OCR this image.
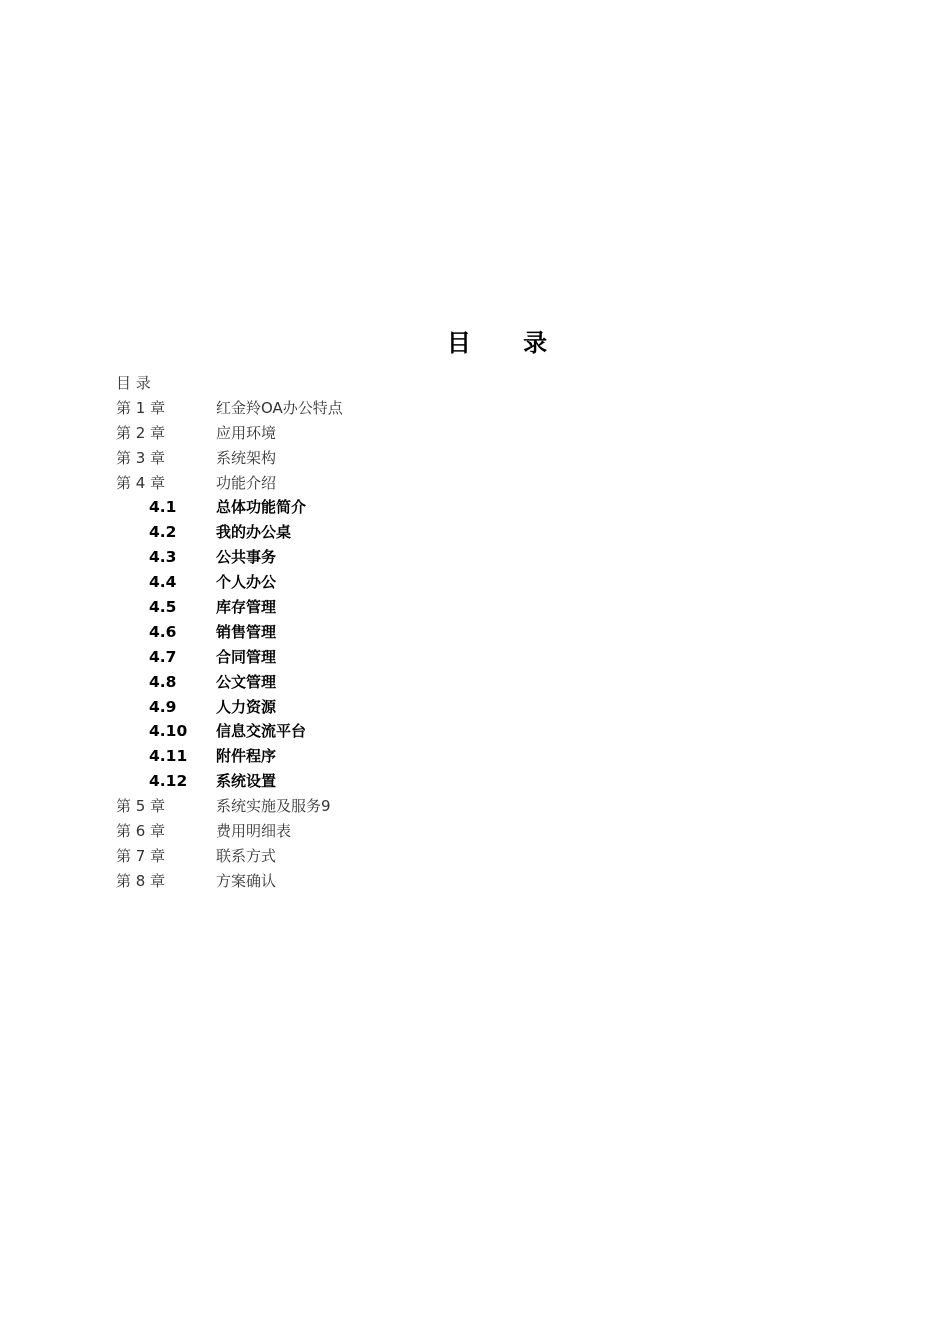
目 录
目 录
第 1 章	红金羚OA办公特点
第 2 章	应用环境
第 3 章	系统架构
第 4 章	功能介绍
4.1	总体功能简介
4.2	我的办公桌
4.3	公共事务
4.4	个人办公
4.5	库存管理
4.6	销售管理
4.7	合同管理
4.8	公文管理
4.9	人力资源
4.10	信息交流平台
4.11	附件程序
4.12	系统设置
第 5 章	系统实施及服务9
第 6 章	费用明细表
第 7 章	联系方式
第 8 章	方案确认
